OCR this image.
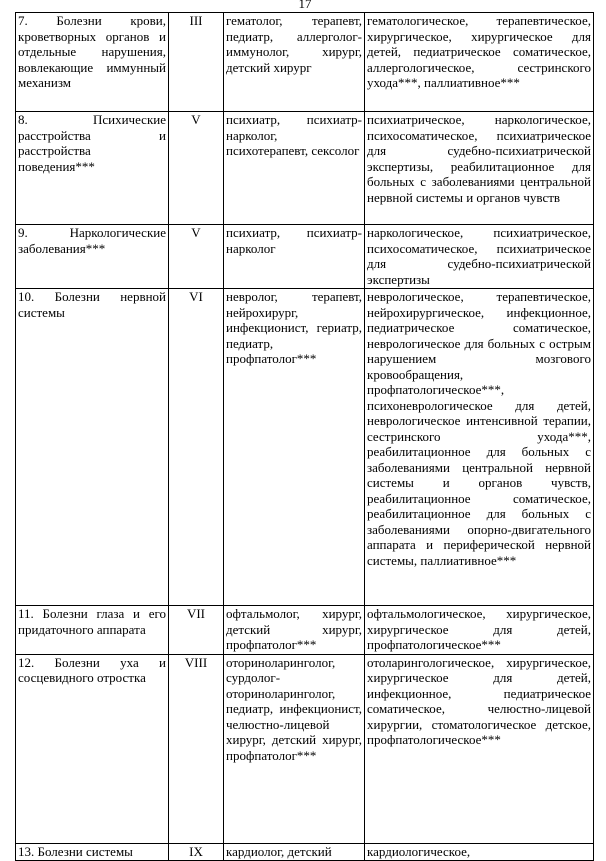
17
7. Болезни крови, кроветворных органов и отдельные нарушения, вовлекающие иммунный механизм	III	гематолог, терапевт, педиатр, аллерголог-иммунолог, хирург, детский хирург	гематологическое, терапевтическое, хирургическое, хирургическое для детей, педиатрическое соматическое, аллергологическое, сестринского ухода***, паллиативное***
8. Психические расстройства и расстройства поведения***	V	психиатр, психиатр-нарколог, психотерапевт, сексолог	психиатрическое, наркологическое, психосоматическое, психиатрическое для судебно-психиатрической экспертизы, реабилитационное для больных с заболеваниями центральной нервной системы и органов чувств
9. Наркологические заболевания***	V	психиатр, психиатр-нарколог	наркологическое, психиатрическое, психосоматическое, психиатрическое для судебно-психиатрической экспертизы
10. Болезни нервной системы	VI	невролог, терапевт, нейрохирург, инфекционист, гериатр, педиатр, профпатолог***	неврологическое, терапевтическое, нейрохирургическое, инфекционное, педиатрическое соматическое, неврологическое для больных с острым нарушением мозгового кровообращения, профпатологическое***, психоневрологическое для детей, неврологическое интенсивной терапии, сестринского ухода***, реабилитационное для больных с заболеваниями центральной нервной системы и органов чувств, реабилитационное соматическое, реабилитационное для больных с заболеваниями опорно-двигательного аппарата и периферической нервной системы, паллиативное***
11. Болезни глаза и его придаточного аппарата	VII	офтальмолог, хирург, детский хирург, профпатолог***	офтальмологическое, хирургическое, хирургическое для детей, профпатологическое***
12. Болезни уха и сосцевидного отростка	VIII	оториноларинголог, сурдолог-оториноларинголог, педиатр, инфекционист, челюстно-лицевой хирург, детский хирург, профпатолог***	отоларингологическое, хирургическое, хирургическое для детей, инфекционное, педиатрическое соматическое, челюстно-лицевой хирургии, стоматологическое детское, профпатологическое***
13. Болезни системы	IX	кардиолог, детский	кардиологическое,
